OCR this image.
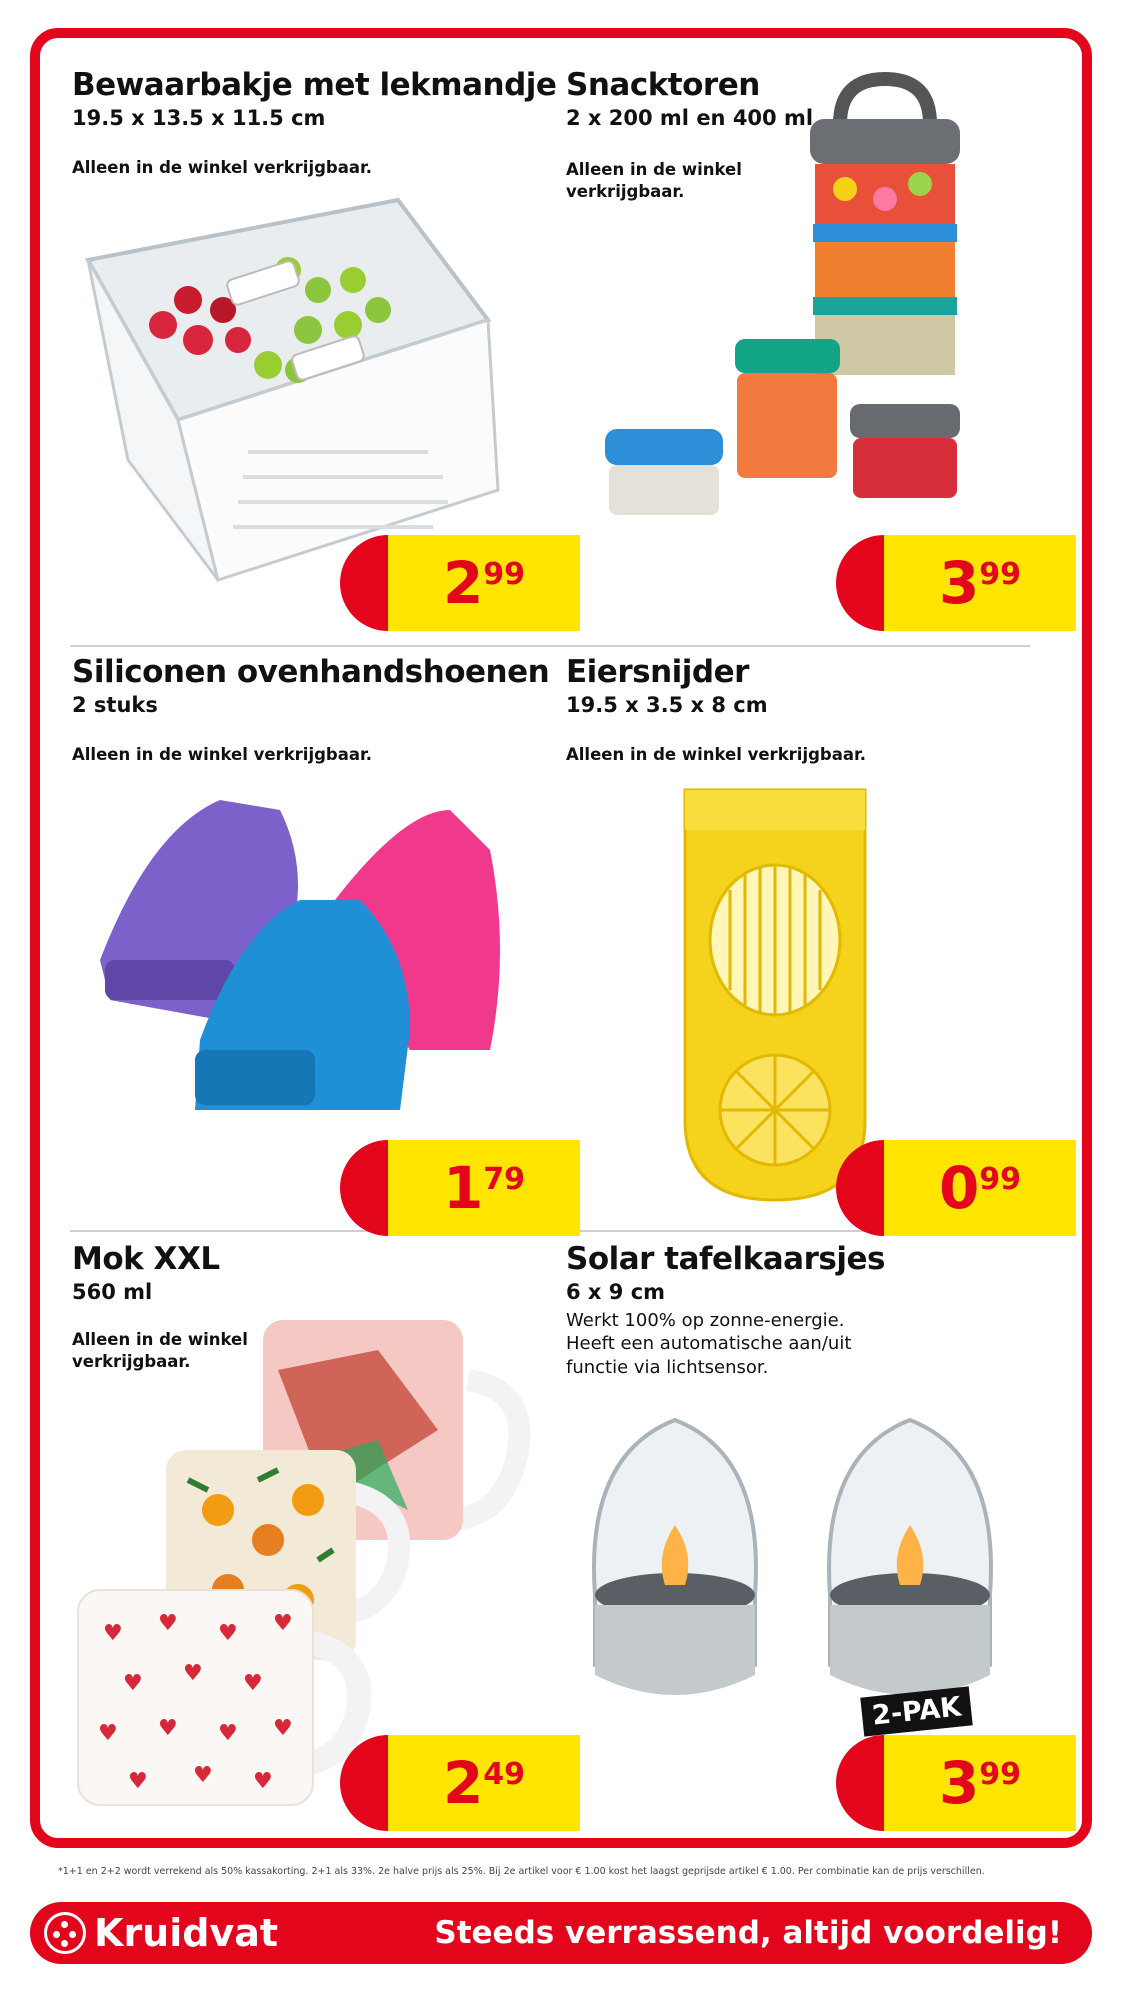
Bewaarbakje met lekmandje
19.5 x 13.5 x 11.5 cm
Alleen in de winkel verkrijgbaar.
2 99
Snacktoren
2 x 200 ml en 400 ml
Alleen in de winkel
verkrijgbaar.
3 99
Siliconen ovenhandshoenen
2 stuks
Alleen in de winkel verkrijgbaar.
1 79
Eiersnijder
19.5 x 3.5 x 8 cm
Alleen in de winkel verkrijgbaar.
0 99
Mok XXL
560 ml
Alleen in de winkel
verkrijgbaar.
♥ ♥ ♥ ♥
♥ ♥ ♥
♥ ♥ ♥ ♥
♥ ♥ ♥	2 49
Solar tafelkaarsjes
6 x 9 cm
Werkt 100% op zonne-energie.
Heeft een automatische aan/uit
functie via lichtsensor.
2-PAK
3 99
*1+1 en 2+2 wordt verrekend als 50% kassakorting. 2+1 als 33%. 2e halve prijs als 25%. Bij 2e artikel voor € 1.00 kost het laagst geprijsde artikel € 1.00. Per combinatie kan de prijs verschillen.
Kruidvat	Steeds verrassend, altijd voordelig!
